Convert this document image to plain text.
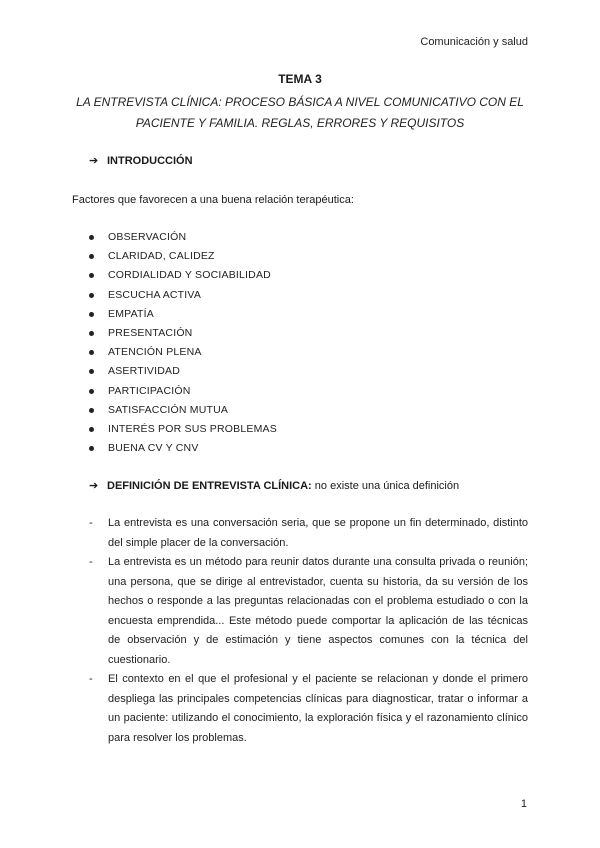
Comunicación y salud
TEMA 3
LA ENTREVISTA CLÍNICA: PROCESO BÁSICA A NIVEL COMUNICATIVO CON EL PACIENTE Y FAMILIA. REGLAS, ERRORES Y REQUISITOS
➔ INTRODUCCIÓN
Factores que favorecen a una buena relación terapéutica:
OBSERVACIÓN
CLARIDAD, CALIDEZ
CORDIALIDAD Y SOCIABILIDAD
ESCUCHA ACTIVA
EMPATÍA
PRESENTACIÓN
ATENCIÓN PLENA
ASERTIVIDAD
PARTICIPACIÓN
SATISFACCIÓN MUTUA
INTERÉS POR SUS PROBLEMAS
BUENA CV Y CNV
➔ DEFINICIÓN DE ENTREVISTA CLÍNICA: no existe una única definición
- La entrevista es una conversación seria, que se propone un fin determinado, distinto del simple placer de la conversación.
- La entrevista es un método para reunir datos durante una consulta privada o reunión; una persona, que se dirige al entrevistador, cuenta su historia, da su versión de los hechos o responde a las preguntas relacionadas con el problema estudiado o con la encuesta emprendida... Este método puede comportar la aplicación de las técnicas de observación y de estimación y tiene aspectos comunes con la técnica del cuestionario.
- El contexto en el que el profesional y el paciente se relacionan y donde el primero despliega las principales competencias clínicas para diagnosticar, tratar o informar a un paciente: utilizando el conocimiento, la exploración física y el razonamiento clínico para resolver los problemas.
1
